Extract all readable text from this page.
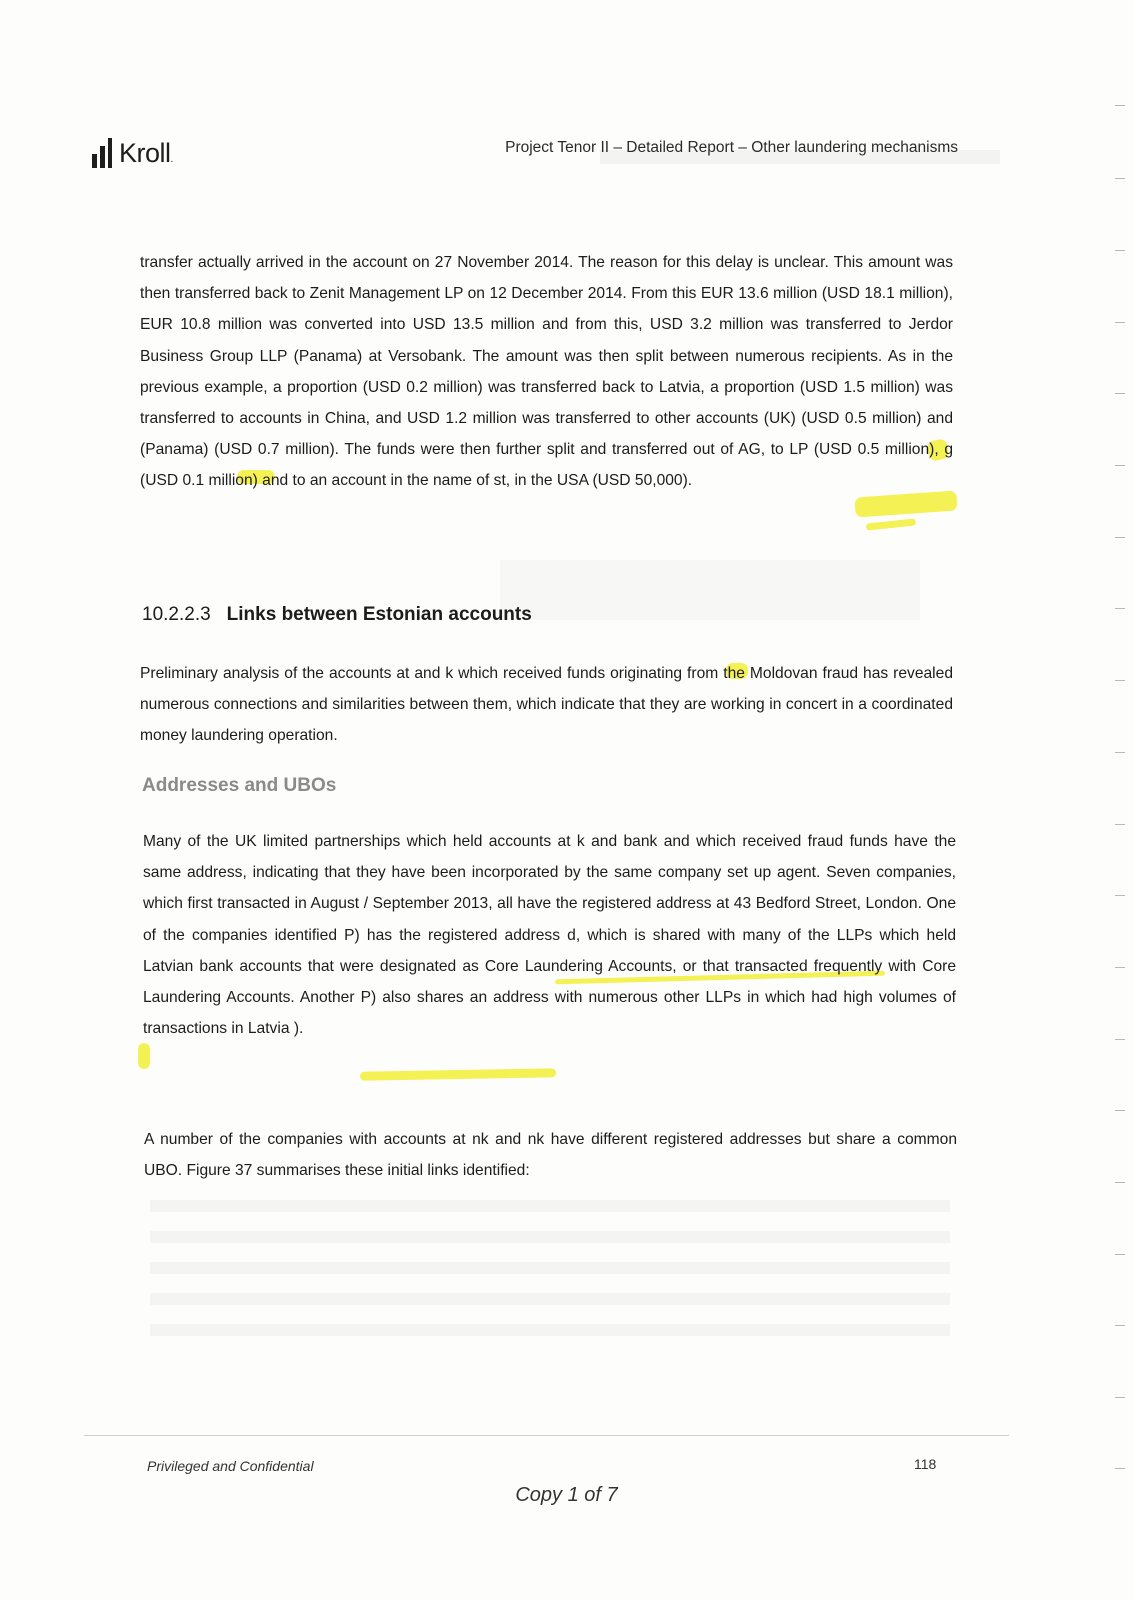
Kroll.
Project Tenor II – Detailed Report – Other laundering mechanisms
transfer actually arrived in the account on 27 November 2014. The reason for this delay is unclear. This amount was then transferred back to Zenit Management LP on 12 December 2014. From this EUR 13.6 million (USD 18.1 million), EUR 10.8 million was converted into USD 13.5 million and from this, USD 3.2 million was transferred to Jerdor Business Group LLP (Panama) at Versobank. The amount was then split between numerous recipients. As in the previous example, a proportion (USD 0.2 million) was transferred back to Latvia, a proportion (USD 1.5 million) was transferred to accounts in China, and USD 1.2 million was transferred to other accounts (UK) (USD 0.5 million) and (Panama) (USD 0.7 million). The funds were then further split and transferred out of AG, to LP (USD 0.5 million), g (USD 0.1 million) and to an account in the name of st, in the USA (USD 50,000).
10.2.2.3 Links between Estonian accounts
Preliminary analysis of the accounts at and k which received funds originating from the Moldovan fraud has revealed numerous connections and similarities between them, which indicate that they are working in concert in a coordinated money laundering operation.
Addresses and UBOs
Many of the UK limited partnerships which held accounts at k and bank and which received fraud funds have the same address, indicating that they have been incorporated by the same company set up agent. Seven companies, which first transacted in August / September 2013, all have the registered address at 43 Bedford Street, London. One of the companies identified P) has the registered address d, which is shared with many of the LLPs which held Latvian bank accounts that were designated as Core Laundering Accounts, or that transacted frequently with Core Laundering Accounts. Another P) also shares an address with numerous other LLPs in which had high volumes of transactions in Latvia ).
A number of the companies with accounts at nk and nk have different registered addresses but share a common UBO. Figure 37 summarises these initial links identified:
Privileged and Confidential	118
Copy 1 of 7
